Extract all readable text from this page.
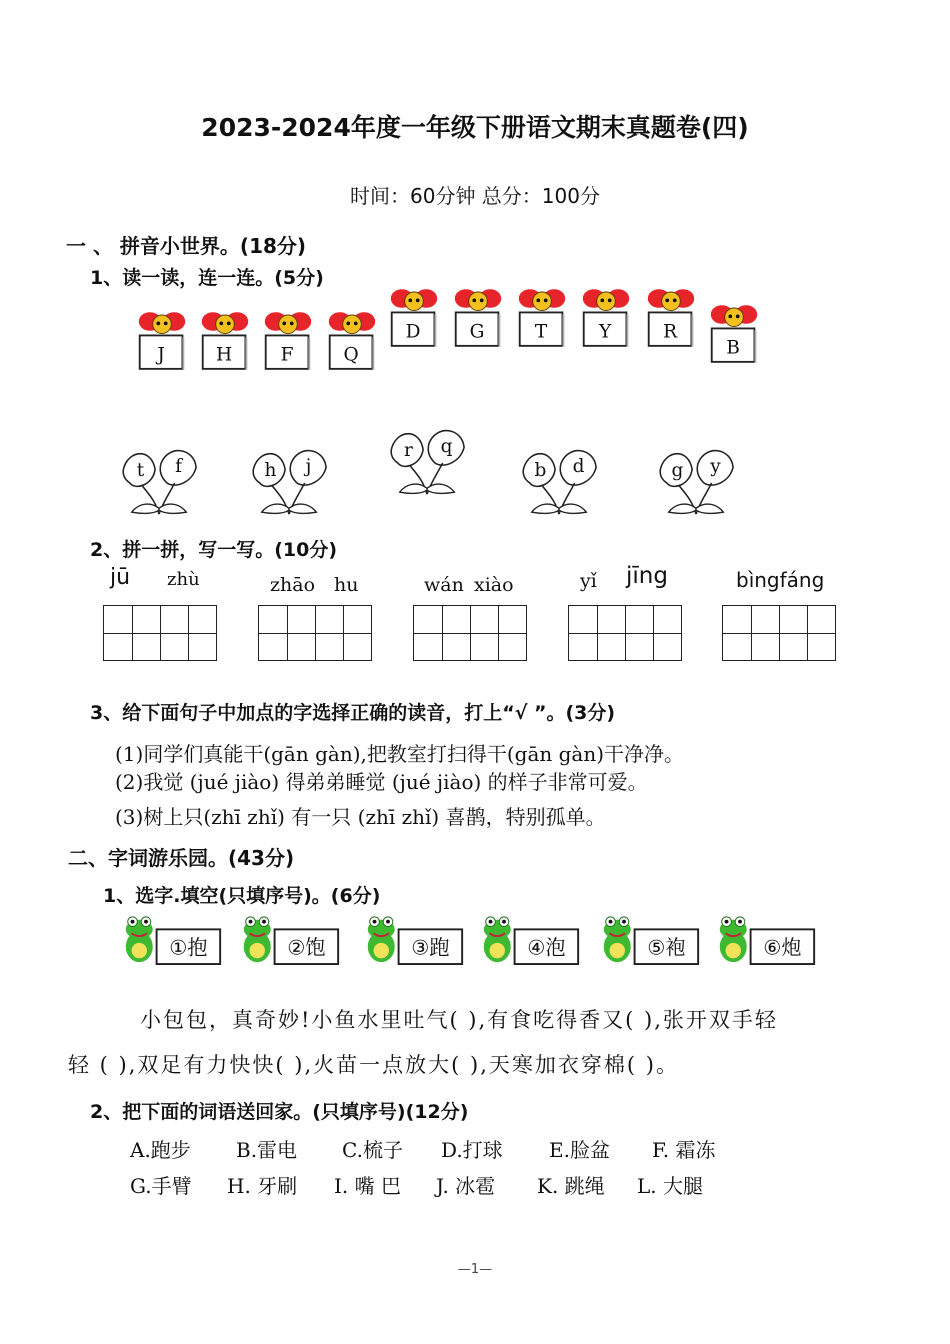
2023-2024年度一年级下册语文期末真题卷(四)
时间：60分钟 总分：100分
一 、 拼音小世界。(18分)
1、读一读，连一连。(5分)
J	H F Q
D G	T	Y	R
B
t f	h j
r q
b d	g y
2、拼一拼，写一写。(10分)
jū zhù	zhāo hu	wán xiào	yǐ jīng	bìngfáng
3、给下面句子中加点的字选择正确的读音，打上“√ ”。(3分)
(1)同学们真能干(gān gàn),把教室打扫得干(gān gàn)干净净。
(2)我觉 (jué jiào) 得弟弟睡觉 (jué jiào) 的样子非常可爱。
(3)树上只(zhī zhǐ) 有一只 (zhī zhǐ) 喜鹊，特别孤单。
二、字词游乐园。(43分)
1、选字.填空(只填序号)。(6分)
①抱	②饱	③跑	④泡	⑤袍	⑥炮
小包包，真奇妙!小鱼水里吐气( ),有食吃得香又( ),张开双手轻
轻 ( ),双足有力快快( ),火苗一点放大( ),天寒加衣穿棉( )。
2、把下面的词语送回家。(只填序号)(12分)
A.跑步 B.雷电 C.梳子 D.打球 E.脸盆 F. 霜冻
G.手臂 H. 牙刷 I. 嘴 巴 J. 冰雹 K. 跳绳 L. 大腿
—1—
